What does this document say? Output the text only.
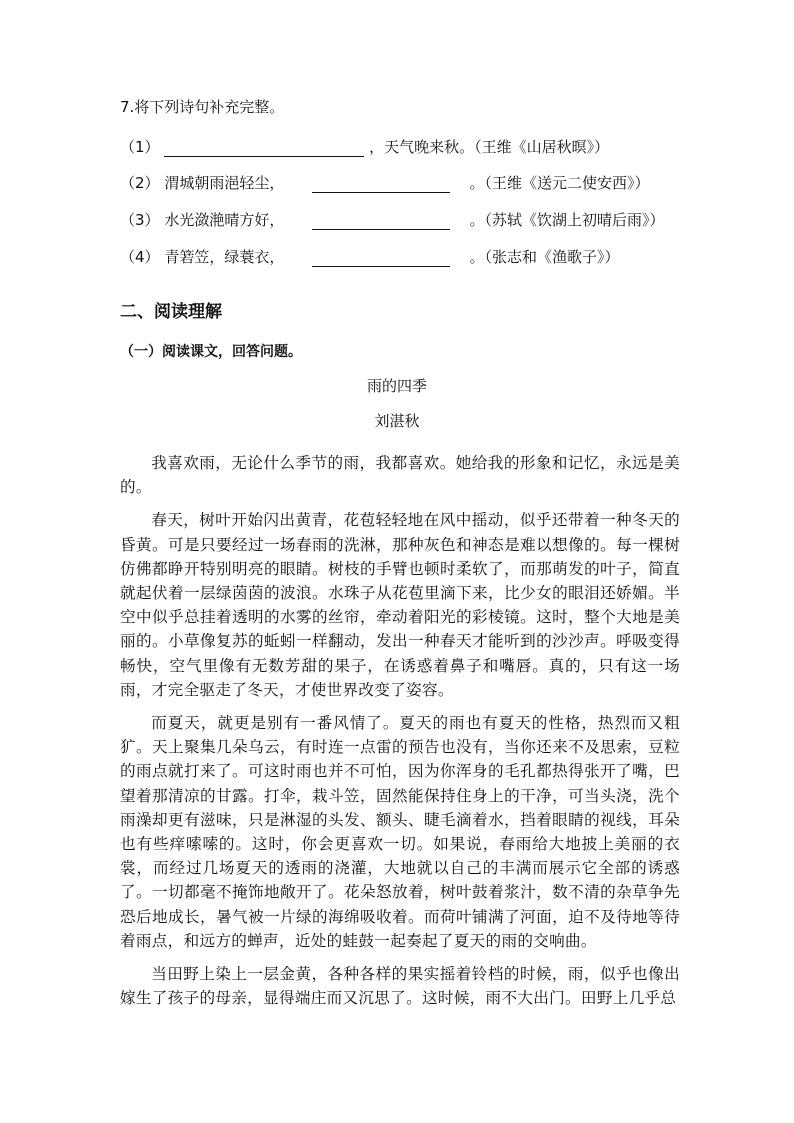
7.将下列诗句补充完整。
（1）	，天气晚来秋。（王维《山居秋暝》）
（2） 渭城朝雨浥轻尘，	。（王维《送元二使安西》）
（3） 水光潋滟晴方好，	。（苏轼《饮湖上初晴后雨》）
（4） 青箬笠，绿蓑衣，	。（张志和《渔歌子》）
二、阅读理解
（一）阅读课文，回答问题。
雨的四季
刘湛秋

我喜欢雨，无论什么季节的雨，我都喜欢。她给我的形象和记忆，永远是美的。

春天，树叶开始闪出黄青，花苞轻轻地在风中摇动，似乎还带着一种冬天的昏黄。可是只要经过一场春雨的洗淋，那种灰色和神态是难以想像的。每一棵树仿佛都睁开特别明亮的眼睛。树枝的手臂也顿时柔软了，而那萌发的叶子，简直就起伏着一层绿茵茵的波浪。水珠子从花苞里滴下来，比少女的眼泪还娇媚。半空中似乎总挂着透明的水雾的丝帘，牵动着阳光的彩棱镜。这时，整个大地是美丽的。小草像复苏的蚯蚓一样翻动，发出一种春天才能听到的沙沙声。呼吸变得畅快，空气里像有无数芳甜的果子，在诱惑着鼻子和嘴唇。真的，只有这一场雨，才完全驱走了冬天，才使世界改变了姿容。

而夏天，就更是别有一番风情了。夏天的雨也有夏天的性格，热烈而又粗犷。天上聚集几朵乌云，有时连一点雷的预告也没有，当你还来不及思索，豆粒的雨点就打来了。可这时雨也并不可怕，因为你浑身的毛孔都热得张开了嘴，巴望着那清凉的甘露。打伞，栽斗笠，固然能保持住身上的干净，可当头浇，洗个雨澡却更有滋味，只是淋湿的头发、额头、睫毛滴着水，挡着眼睛的视线，耳朵也有些痒嗦嗦的。这时，你会更喜欢一切。如果说，春雨给大地披上美丽的衣裳，而经过几场夏天的透雨的浇灌，大地就以自己的丰满而展示它全部的诱惑了。一切都毫不掩饰地敞开了。花朵怒放着，树叶鼓着浆汁，数不清的杂草争先恐后地成长，暑气被一片绿的海绵吸收着。而荷叶铺满了河面，迫不及待地等待着雨点，和远方的蝉声，近处的蛙鼓一起奏起了夏天的雨的交响曲。

当田野上染上一层金黄，各种各样的果实摇着铃档的时候，雨，似乎也像出嫁生了孩子的母亲，显得端庄而又沉思了。这时候，雨不大出门。田野上几乎总
